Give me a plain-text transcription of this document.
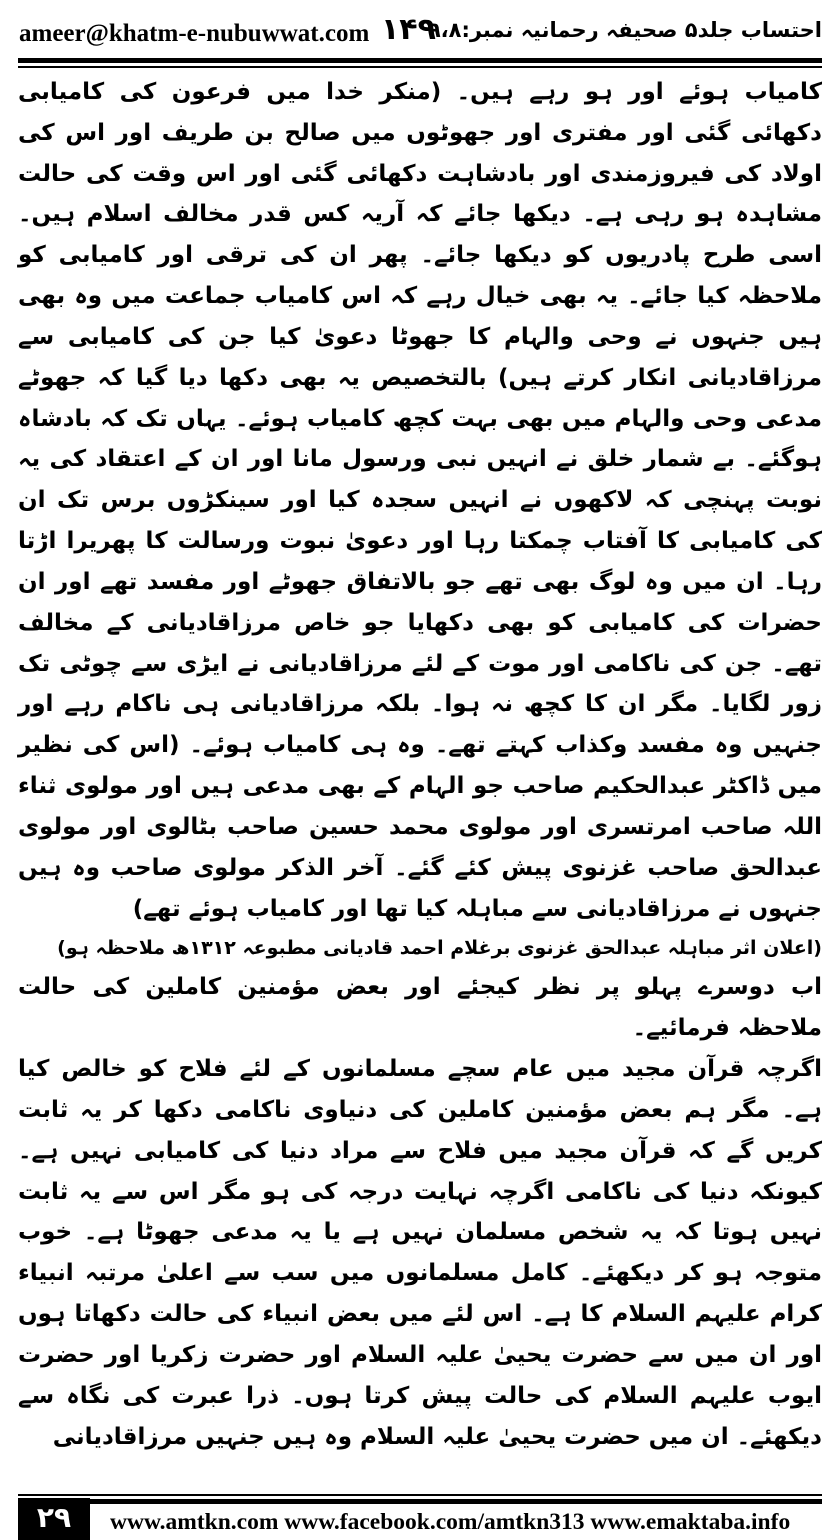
ameer@khatm-e-nubuwwat.com ۱۴۹
احتساب جلد۵ صحیفہ رحمانیہ نمبر:۹،۸

کامیاب ہوئے اور ہو رہے ہیں۔ (منکر خدا میں فرعون کی کامیابی دکھائی گئی اور مفتری اور جھوٹوں میں صالح بن طریف اور اس کی اولاد کی فیروزمندی اور بادشاہت دکھائی گئی اور اس وقت کی حالت مشاہدہ ہو رہی ہے۔ دیکھا جائے کہ آریہ کس قدر مخالف اسلام ہیں۔ اسی طرح پادریوں کو دیکھا جائے۔ پھر ان کی ترقی اور کامیابی کو ملاحظہ کیا جائے۔ یہ بھی خیال رہے کہ اس کامیاب جماعت میں وہ بھی ہیں جنہوں نے وحی والہام کا جھوٹا دعویٰ کیا جن کی کامیابی سے مرزاقادیانی انکار کرتے ہیں) بالتخصیص یہ بھی دکھا دیا گیا کہ جھوٹے مدعی وحی والہام میں بھی بہت کچھ کامیاب ہوئے۔ یہاں تک کہ بادشاہ ہوگئے۔ بے شمار خلق نے انہیں نبی ورسول مانا اور ان کے اعتقاد کی یہ نوبت پہنچی کہ لاکھوں نے انہیں سجدہ کیا اور سینکڑوں برس تک ان کی کامیابی کا آفتاب چمکتا رہا اور دعویٰ نبوت ورسالت کا پھریرا اڑتا رہا۔ ان میں وہ لوگ بھی تھے جو بالاتفاق جھوٹے اور مفسد تھے اور ان حضرات کی کامیابی کو بھی دکھایا جو خاص مرزاقادیانی کے مخالف تھے۔ جن کی ناکامی اور موت کے لئے مرزاقادیانی نے ایڑی سے چوٹی تک زور لگایا۔ مگر ان کا کچھ نہ ہوا۔ بلکہ مرزاقادیانی ہی ناکام رہے اور جنہیں وہ مفسد وکذاب کہتے تھے۔ وہ ہی کامیاب ہوئے۔ (اس کی نظیر میں ڈاکٹر عبدالحکیم صاحب جو الہام کے بھی مدعی ہیں اور مولوی ثناء اللہ صاحب امرتسری اور مولوی محمد حسین صاحب بٹالوی اور مولوی عبدالحق صاحب غزنوی پیش کئے گئے۔ آخر الذکر مولوی صاحب وہ ہیں جنہوں نے مرزاقادیانی سے مباہلہ کیا تھا اور کامیاب ہوئے تھے)

(اعلان اثر مباہلہ عبدالحق غزنوی برغلام احمد قادیانی مطبوعہ ۱۳۱۲ھ ملاحظہ ہو)

اب دوسرے پہلو پر نظر کیجئے اور بعض مؤمنین کاملین کی حالت ملاحظہ فرمائیے۔

اگرچہ قرآن مجید میں عام سچے مسلمانوں کے لئے فلاح کو خالص کیا ہے۔ مگر ہم بعض مؤمنین کاملین کی دنیاوی ناکامی دکھا کر یہ ثابت کریں گے کہ قرآن مجید میں فلاح سے مراد دنیا کی کامیابی نہیں ہے۔ کیونکہ دنیا کی ناکامی اگرچہ نہایت درجہ کی ہو مگر اس سے یہ ثابت نہیں ہوتا کہ یہ شخص مسلمان نہیں ہے یا یہ مدعی جھوٹا ہے۔ خوب متوجہ ہو کر دیکھئے۔ کامل مسلمانوں میں سب سے اعلیٰ مرتبہ انبیاء کرام علیہم السلام کا ہے۔ اس لئے میں بعض انبیاء کی حالت دکھاتا ہوں اور ان میں سے حضرت یحییٰ علیہ السلام اور حضرت زکریا اور حضرت ایوب علیہم السلام کی حالت پیش کرتا ہوں۔ ذرا عبرت کی نگاہ سے دیکھئے۔ ان میں حضرت یحییٰ علیہ السلام وہ ہیں جنہیں مرزاقادیانی

۲۹	www.amtkn.com www.facebook.com/amtkn313 www.emaktaba.info
